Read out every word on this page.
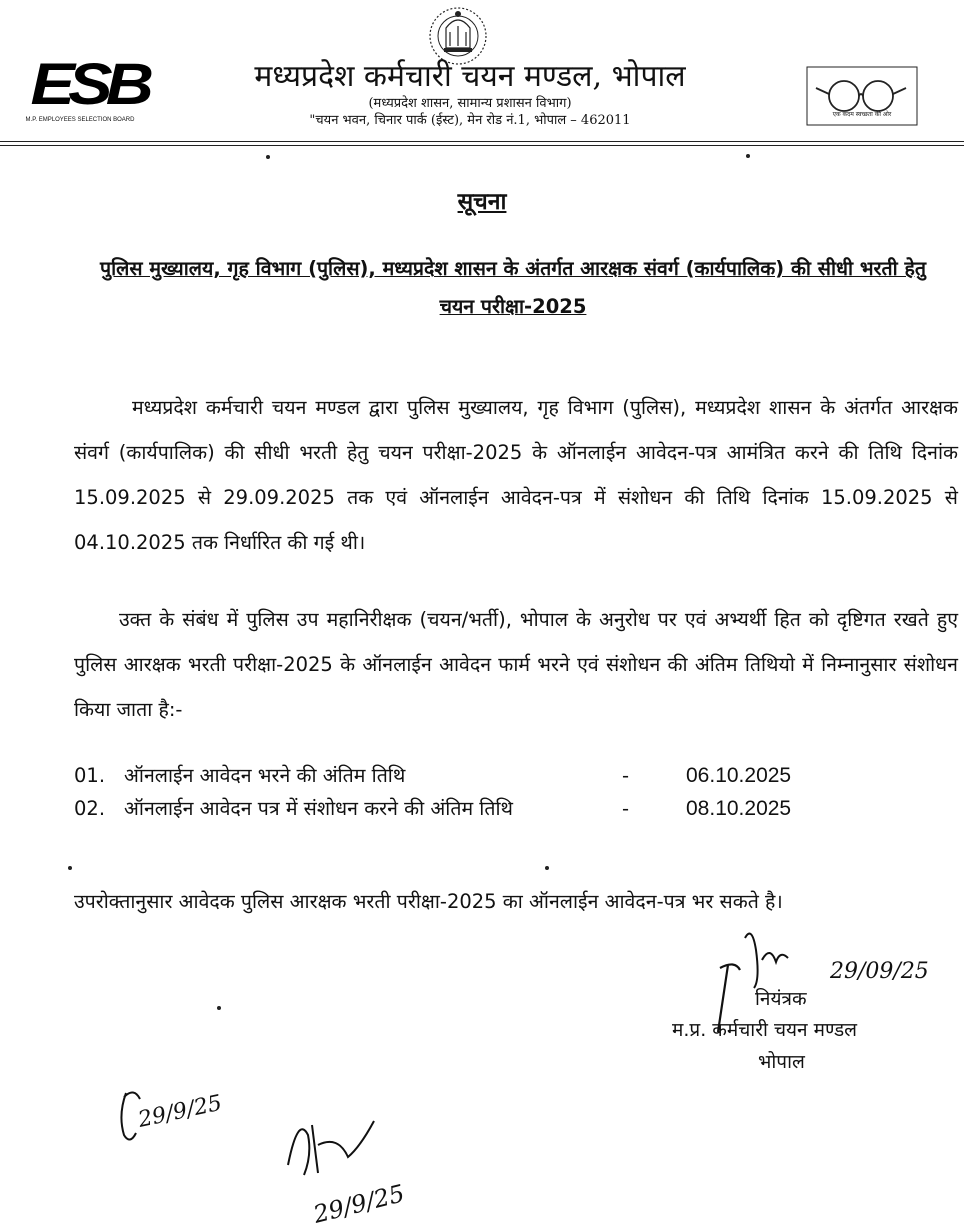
ESB
M.P. EMPLOYEES SELECTION BOARD
मध्यप्रदेश कर्मचारी चयन मण्डल, भोपाल
(मध्यप्रदेश शासन, सामान्य प्रशासन विभाग)
"चयन भवन, चिनार पार्क (ईस्ट), मेन रोड नं.1, भोपाल – 462011	एक कदम स्वच्छता की ओर
सूचना
पुलिस मुख्यालय, गृह विभाग (पुलिस), मध्यप्रदेश शासन के अंतर्गत आरक्षक संवर्ग (कार्यपालिक) की सीधी भरती हेतु चयन परीक्षा-2025

मध्यप्रदेश कर्मचारी चयन मण्डल द्वारा पुलिस मुख्यालय, गृह विभाग (पुलिस), मध्यप्रदेश शासन के अंतर्गत आरक्षक संवर्ग (कार्यपालिक) की सीधी भरती हेतु चयन परीक्षा-2025 के ऑनलाईन आवेदन-पत्र आमंत्रित करने की तिथि दिनांक 15.09.2025 से 29.09.2025 तक एवं ऑनलाईन आवेदन-पत्र में संशोधन की तिथि दिनांक 15.09.2025 से 04.10.2025 तक निर्धारित की गई थी।

उक्त के संबंध में पुलिस उप महानिरीक्षक (चयन/भर्ती), भोपाल के अनुरोध पर एवं अभ्यर्थी हित को दृष्टिगत रखते हुए पुलिस आरक्षक भरती परीक्षा-2025 के ऑनलाईन आवेदन फार्म भरने एवं संशोधन की अंतिम तिथियो में निम्नानुसार संशोधन किया जाता है:-

01. ऑनलाईन आवेदन भरने की अंतिम तिथि	-	06.10.2025
02. ऑनलाईन आवेदन पत्र में संशोधन करने की अंतिम तिथि	-	08.10.2025
उपरोक्तानुसार आवेदक पुलिस आरक्षक भरती परीक्षा-2025 का ऑनलाईन आवेदन-पत्र भर सकते है।
29/09/25
नियंत्रक
म.प्र. कर्मचारी चयन मण्डल
भोपाल
29/9/25
29/9/25
